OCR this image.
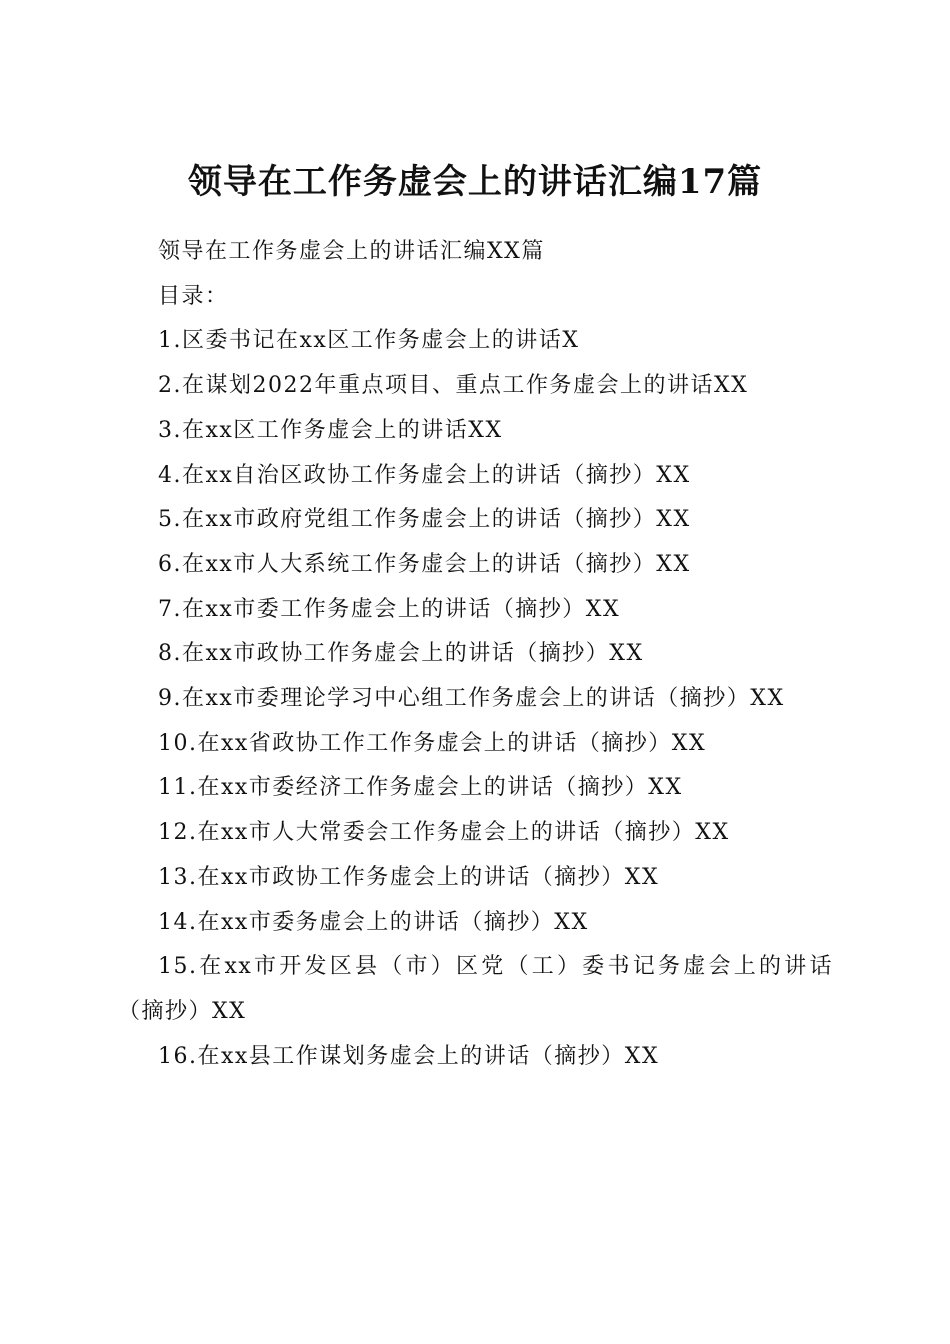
领导在工作务虚会上的讲话汇编17篇

领导在工作务虚会上的讲话汇编XX篇

目录：

1.区委书记在xx区工作务虚会上的讲话X

2.在谋划2022年重点项目、重点工作务虚会上的讲话XX

3.在xx区工作务虚会上的讲话XX

4.在xx自治区政协工作务虚会上的讲话（摘抄）XX

5.在xx市政府党组工作务虚会上的讲话（摘抄）XX

6.在xx市人大系统工作务虚会上的讲话（摘抄）XX

7.在xx市委工作务虚会上的讲话（摘抄）XX

8.在xx市政协工作务虚会上的讲话（摘抄）XX

9.在xx市委理论学习中心组工作务虚会上的讲话（摘抄）XX

10.在xx省政协工作工作务虚会上的讲话（摘抄）XX

11.在xx市委经济工作务虚会上的讲话（摘抄）XX

12.在xx市人大常委会工作务虚会上的讲话（摘抄）XX

13.在xx市政协工作务虚会上的讲话（摘抄）XX

14.在xx市委务虚会上的讲话（摘抄）XX

15.在xx市开发区县（市）区党（工）委书记务虚会上的讲话（摘抄）XX

16.在xx县工作谋划务虚会上的讲话（摘抄）XX
